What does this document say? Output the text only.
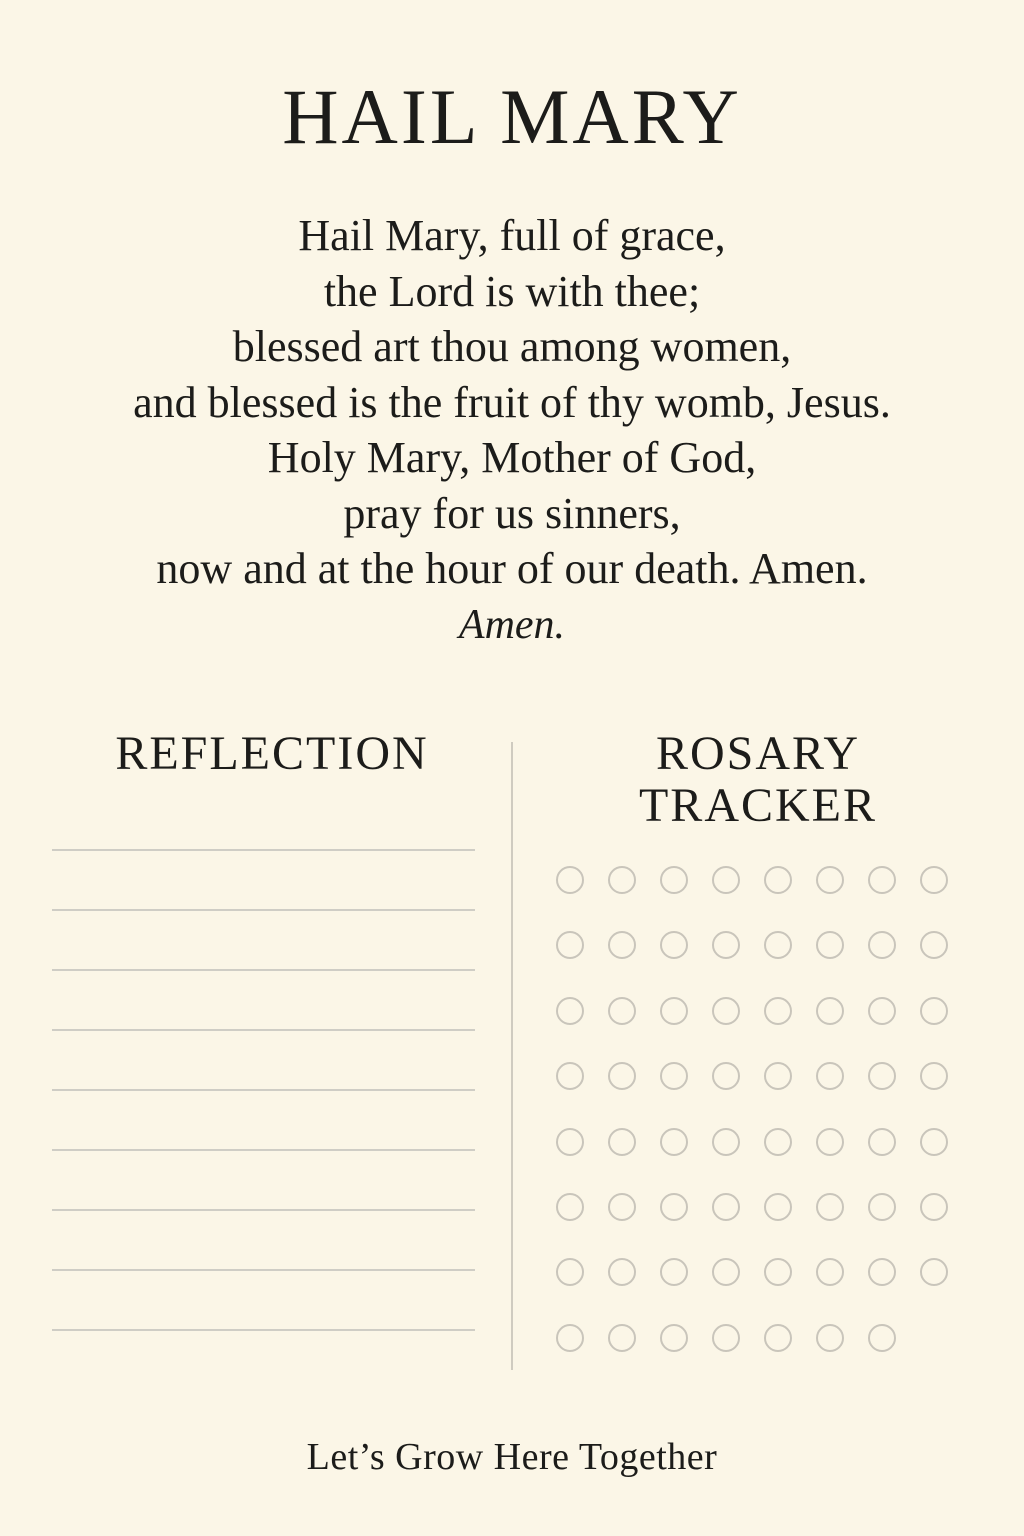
HAIL MARY
Hail Mary, full of grace,
the Lord is with thee;
blessed art thou among women,
and blessed is the fruit of thy womb, Jesus.
Holy Mary, Mother of God,
pray for us sinners,
now and at the hour of our death. Amen.
Amen.
REFLECTION	ROSARY
TRACKER
Let’s Grow Here Together
